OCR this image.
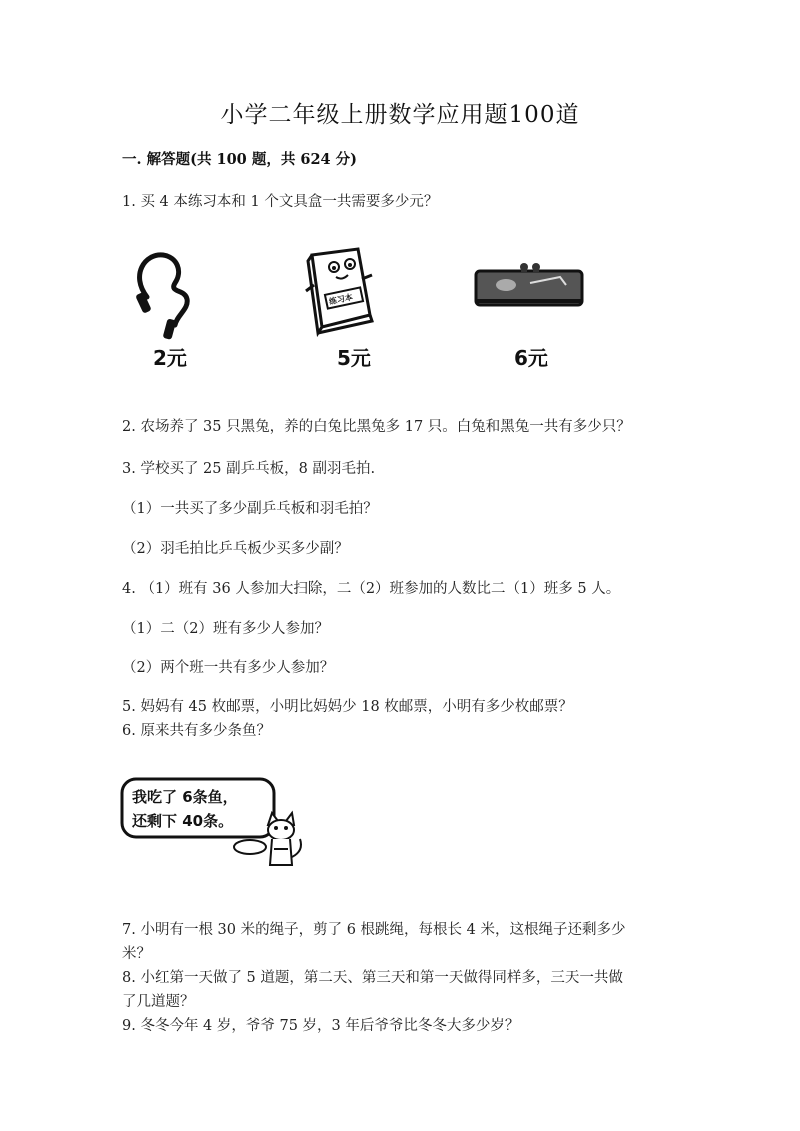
小学二年级上册数学应用题100道
一. 解答题(共 100 题，共 624 分)
1. 买 4 本练习本和 1 个文具盒一共需要多少元？
2元
练习本
5元	6元
2. 农场养了 35 只黑兔，养的白兔比黑兔多 17 只。白兔和黑兔一共有多少只？
3. 学校买了 25 副乒乓板，8 副羽毛拍.
（1）一共买了多少副乒乓板和羽毛拍？
（2）羽毛拍比乒乓板少买多少副？
4. （1）班有 36 人参加大扫除，二（2）班参加的人数比二（1）班多 5 人。
（1）二（2）班有多少人参加？
（2）两个班一共有多少人参加？
5. 妈妈有 45 枚邮票，小明比妈妈少 18 枚邮票，小明有多少枚邮票？
6. 原来共有多少条鱼？
我吃了 6条鱼，
还剩下 40条。
7. 小明有一根 30 米的绳子，剪了 6 根跳绳，每根长 4 米，这根绳子还剩多少
米？
8. 小红第一天做了 5 道题，第二天、第三天和第一天做得同样多，三天一共做
了几道题？
9. 冬冬今年 4 岁，爷爷 75 岁，3 年后爷爷比冬冬大多少岁？
